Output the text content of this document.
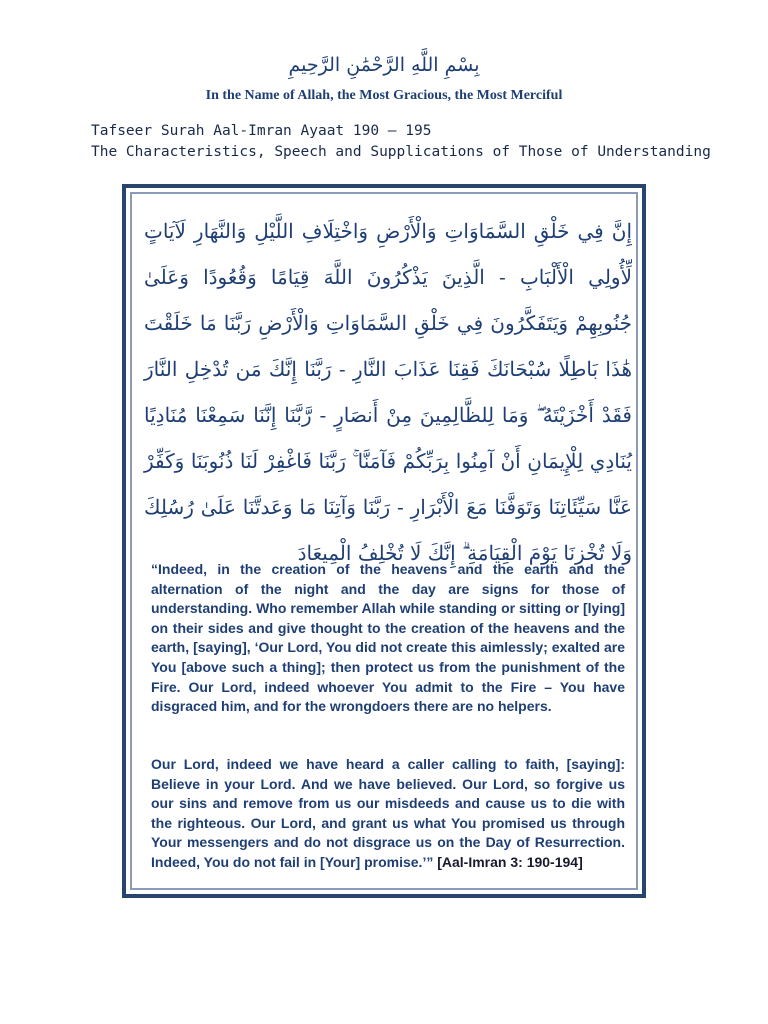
بِسْمِ اللَّهِ الرَّحْمَٰنِ الرَّحِيمِ
In the Name of Allah, the Most Gracious, the Most Merciful
Tafseer Surah Aal-Imran Ayaat 190 – 195
The Characteristics, Speech and Supplications of Those of Understanding
إِنَّ فِي خَلْقِ السَّمَاوَاتِ وَالْأَرْضِ وَاخْتِلَافِ اللَّيْلِ وَالنَّهَارِ لَآيَاتٍ لِّأُولِي الْأَلْبَابِ - الَّذِينَ يَذْكُرُونَ اللَّهَ قِيَامًا وَقُعُودًا وَعَلَىٰ جُنُوبِهِمْ وَيَتَفَكَّرُونَ فِي خَلْقِ السَّمَاوَاتِ وَالْأَرْضِ رَبَّنَا مَا خَلَقْتَ هَٰذَا بَاطِلًا سُبْحَانَكَ فَقِنَا عَذَابَ النَّارِ - رَبَّنَا إِنَّكَ مَن تُدْخِلِ النَّارَ فَقَدْ أَخْزَيْتَهُ ۖ وَمَا لِلظَّالِمِينَ مِنْ أَنصَارٍ - رَّبَّنَا إِنَّنَا سَمِعْنَا مُنَادِيًا يُنَادِي لِلْإِيمَانِ أَنْ آمِنُوا بِرَبِّكُمْ فَآمَنَّا ۚ رَبَّنَا فَاغْفِرْ لَنَا ذُنُوبَنَا وَكَفِّرْ عَنَّا سَيِّئَاتِنَا وَتَوَفَّنَا مَعَ الْأَبْرَارِ - رَبَّنَا وَآتِنَا مَا وَعَدتَّنَا عَلَىٰ رُسُلِكَ وَلَا تُخْزِنَا يَوْمَ الْقِيَامَةِ ۗ إِنَّكَ لَا تُخْلِفُ الْمِيعَادَ

“Indeed, in the creation of the heavens and the earth and the alternation of the night and the day are signs for those of understanding. Who remember Allah while standing or sitting or [lying] on their sides and give thought to the creation of the heavens and the earth, [saying], ‘Our Lord, You did not create this aimlessly; exalted are You [above such a thing]; then protect us from the punishment of the Fire. Our Lord, indeed whoever You admit to the Fire – You have disgraced him, and for the wrongdoers there are no helpers.

Our Lord, indeed we have heard a caller calling to faith, [saying]: Believe in your Lord. And we have believed. Our Lord, so forgive us our sins and remove from us our misdeeds and cause us to die with the righteous. Our Lord, and grant us what You promised us through Your messengers and do not disgrace us on the Day of Resurrection. Indeed, You do not fail in [Your] promise.’” [Aal-Imran 3: 190-194]
